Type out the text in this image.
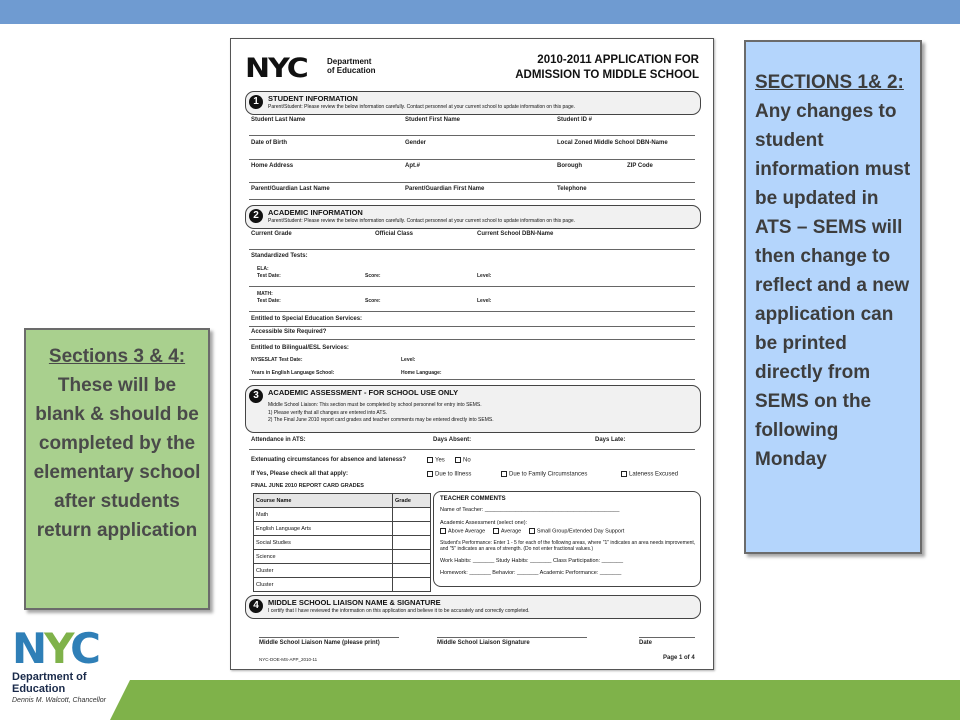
NYC	Department
of Education
2010-2011 APPLICATION FOR
ADMISSION TO MIDDLE SCHOOL
1	STUDENT INFORMATION
Parent/Student: Please review the below information carefully. Contact personnel at your current school to update information on this page.
Student Last Name	Student First Name	Student ID #
Date of Birth	Gender	Local Zoned Middle School DBN-Name
Home Address	Apt.#	Borough	ZIP Code
Parent/Guardian Last Name	Parent/Guardian First Name	Telephone
2	ACADEMIC INFORMATION
Parent/Student: Please review the below information carefully. Contact personnel at your current school to update information on this page.
Current Grade	Official Class	Current School DBN-Name
Standardized Tests:
ELA:
Test Date:	Score:	Level:
MATH:
Test Date:	Score:	Level:
Entitled to Special Education Services:
Accessible Site Required?
Entitled to Bilingual/ESL Services:
NYSESLAT Test Date:	Level:
Years in English Language School:	Home Language:
3	ACADEMIC ASSESSMENT - FOR SCHOOL USE ONLY
Middle School Liaison: This section must be completed by school personnel for entry into SEMS.
1) Please verify that all changes are entered into ATS.
2) The Final June 2010 report card grades and teacher comments may be entered directly into SEMS.
Attendance in ATS:	Days Absent:	Days Late:
Extenuating circumstances for absence and lateness?	Yes	No
If Yes, Please check all that apply:	Due to Illness	Due to Family Circumstances	Lateness Excused
FINAL JUNE 2010 REPORT CARD GRADES
Course Name	Grade
Math	
English Language Arts	
Social Studies	
Science	
Cluster	
Cluster	
TEACHER COMMENTS
Name of Teacher: ____________________________________________
Academic Assessment (select one):
Above Average	Average	Small Group/Extended Day Support
Student's Performance: Enter 1 - 5 for each of the following areas, where "1" indicates an area needs improvement, and "5" indicates an area of strength. (Do not enter fractional values.)
Work Habits: _______ Study Habits: _______ Class Participation: _______
Homework: _______ Behavior: _______ Academic Performance: _______
4	MIDDLE SCHOOL LIAISON NAME & SIGNATURE
I certify that I have reviewed the information on this application and believe it to be accurately and correctly completed.
Middle School Liaison Name (please print)	Middle School Liaison Signature	Date
NYC-DOE-MS-APP_2010-11	Page 1 of 4
Sections 3 & 4: These will be blank & should be completed by the elementary school after students return application
SECTIONS 1& 2:
Any changes to student information must be updated in ATS – SEMS will then change to reflect and a new application can be printed directly from SEMS on the following Monday
NYC
Department of
Education
Dennis M. Walcott, Chancellor
